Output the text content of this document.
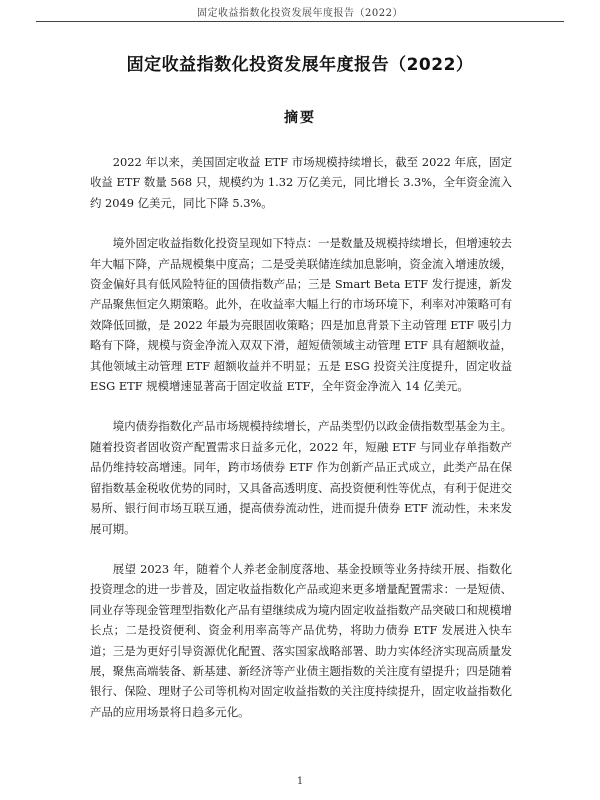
固定收益指数化投资发展年度报告（2022）
固定收益指数化投资发展年度报告（2022）
摘要

2022 年以来，美国固定收益 ETF 市场规模持续增长，截至 2022 年底，固定收益 ETF 数量 568 只，规模约为 1.32 万亿美元，同比增长 3.3%，全年资金流入约 2049 亿美元，同比下降 5.3%。

境外固定收益指数化投资呈现如下特点：一是数量及规模持续增长，但增速较去年大幅下降，产品规模集中度高；二是受美联储连续加息影响，资金流入增速放缓，资金偏好具有低风险特征的国债指数产品；三是 Smart Beta ETF 发行提速，新发产品聚焦恒定久期策略。此外，在收益率大幅上行的市场环境下，利率对冲策略可有效降低回撤，是 2022 年最为亮眼固收策略；四是加息背景下主动管理 ETF 吸引力略有下降，规模与资金净流入双双下滑，超短债领域主动管理 ETF 具有超额收益，其他领域主动管理 ETF 超额收益并不明显；五是 ESG 投资关注度提升，固定收益 ESG ETF 规模增速显著高于固定收益 ETF，全年资金净流入 14 亿美元。

境内债券指数化产品市场规模持续增长，产品类型仍以政金债指数型基金为主。随着投资者固收资产配置需求日益多元化，2022 年，短融 ETF 与同业存单指数产品仍维持较高增速。同年，跨市场债券 ETF 作为创新产品正式成立，此类产品在保留指数基金税收优势的同时，又具备高透明度、高投资便利性等优点，有利于促进交易所、银行间市场互联互通，提高债券流动性，进而提升债券 ETF 流动性，未来发展可期。

展望 2023 年，随着个人养老金制度落地、基金投顾等业务持续开展、指数化投资理念的进一步普及，固定收益指数化产品或迎来更多增量配置需求：一是短债、同业存等现金管理型指数化产品有望继续成为境内固定收益指数产品突破口和规模增长点；二是投资便利、资金利用率高等产品优势，将助力债券 ETF 发展进入快车道；三是为更好引导资源优化配置、落实国家战略部署、助力实体经济实现高质量发展，聚焦高端装备、新基建、新经济等产业债主题指数的关注度有望提升；四是随着银行、保险、理财子公司等机构对固定收益指数的关注度持续提升，固定收益指数化产品的应用场景将日趋多元化。

1
